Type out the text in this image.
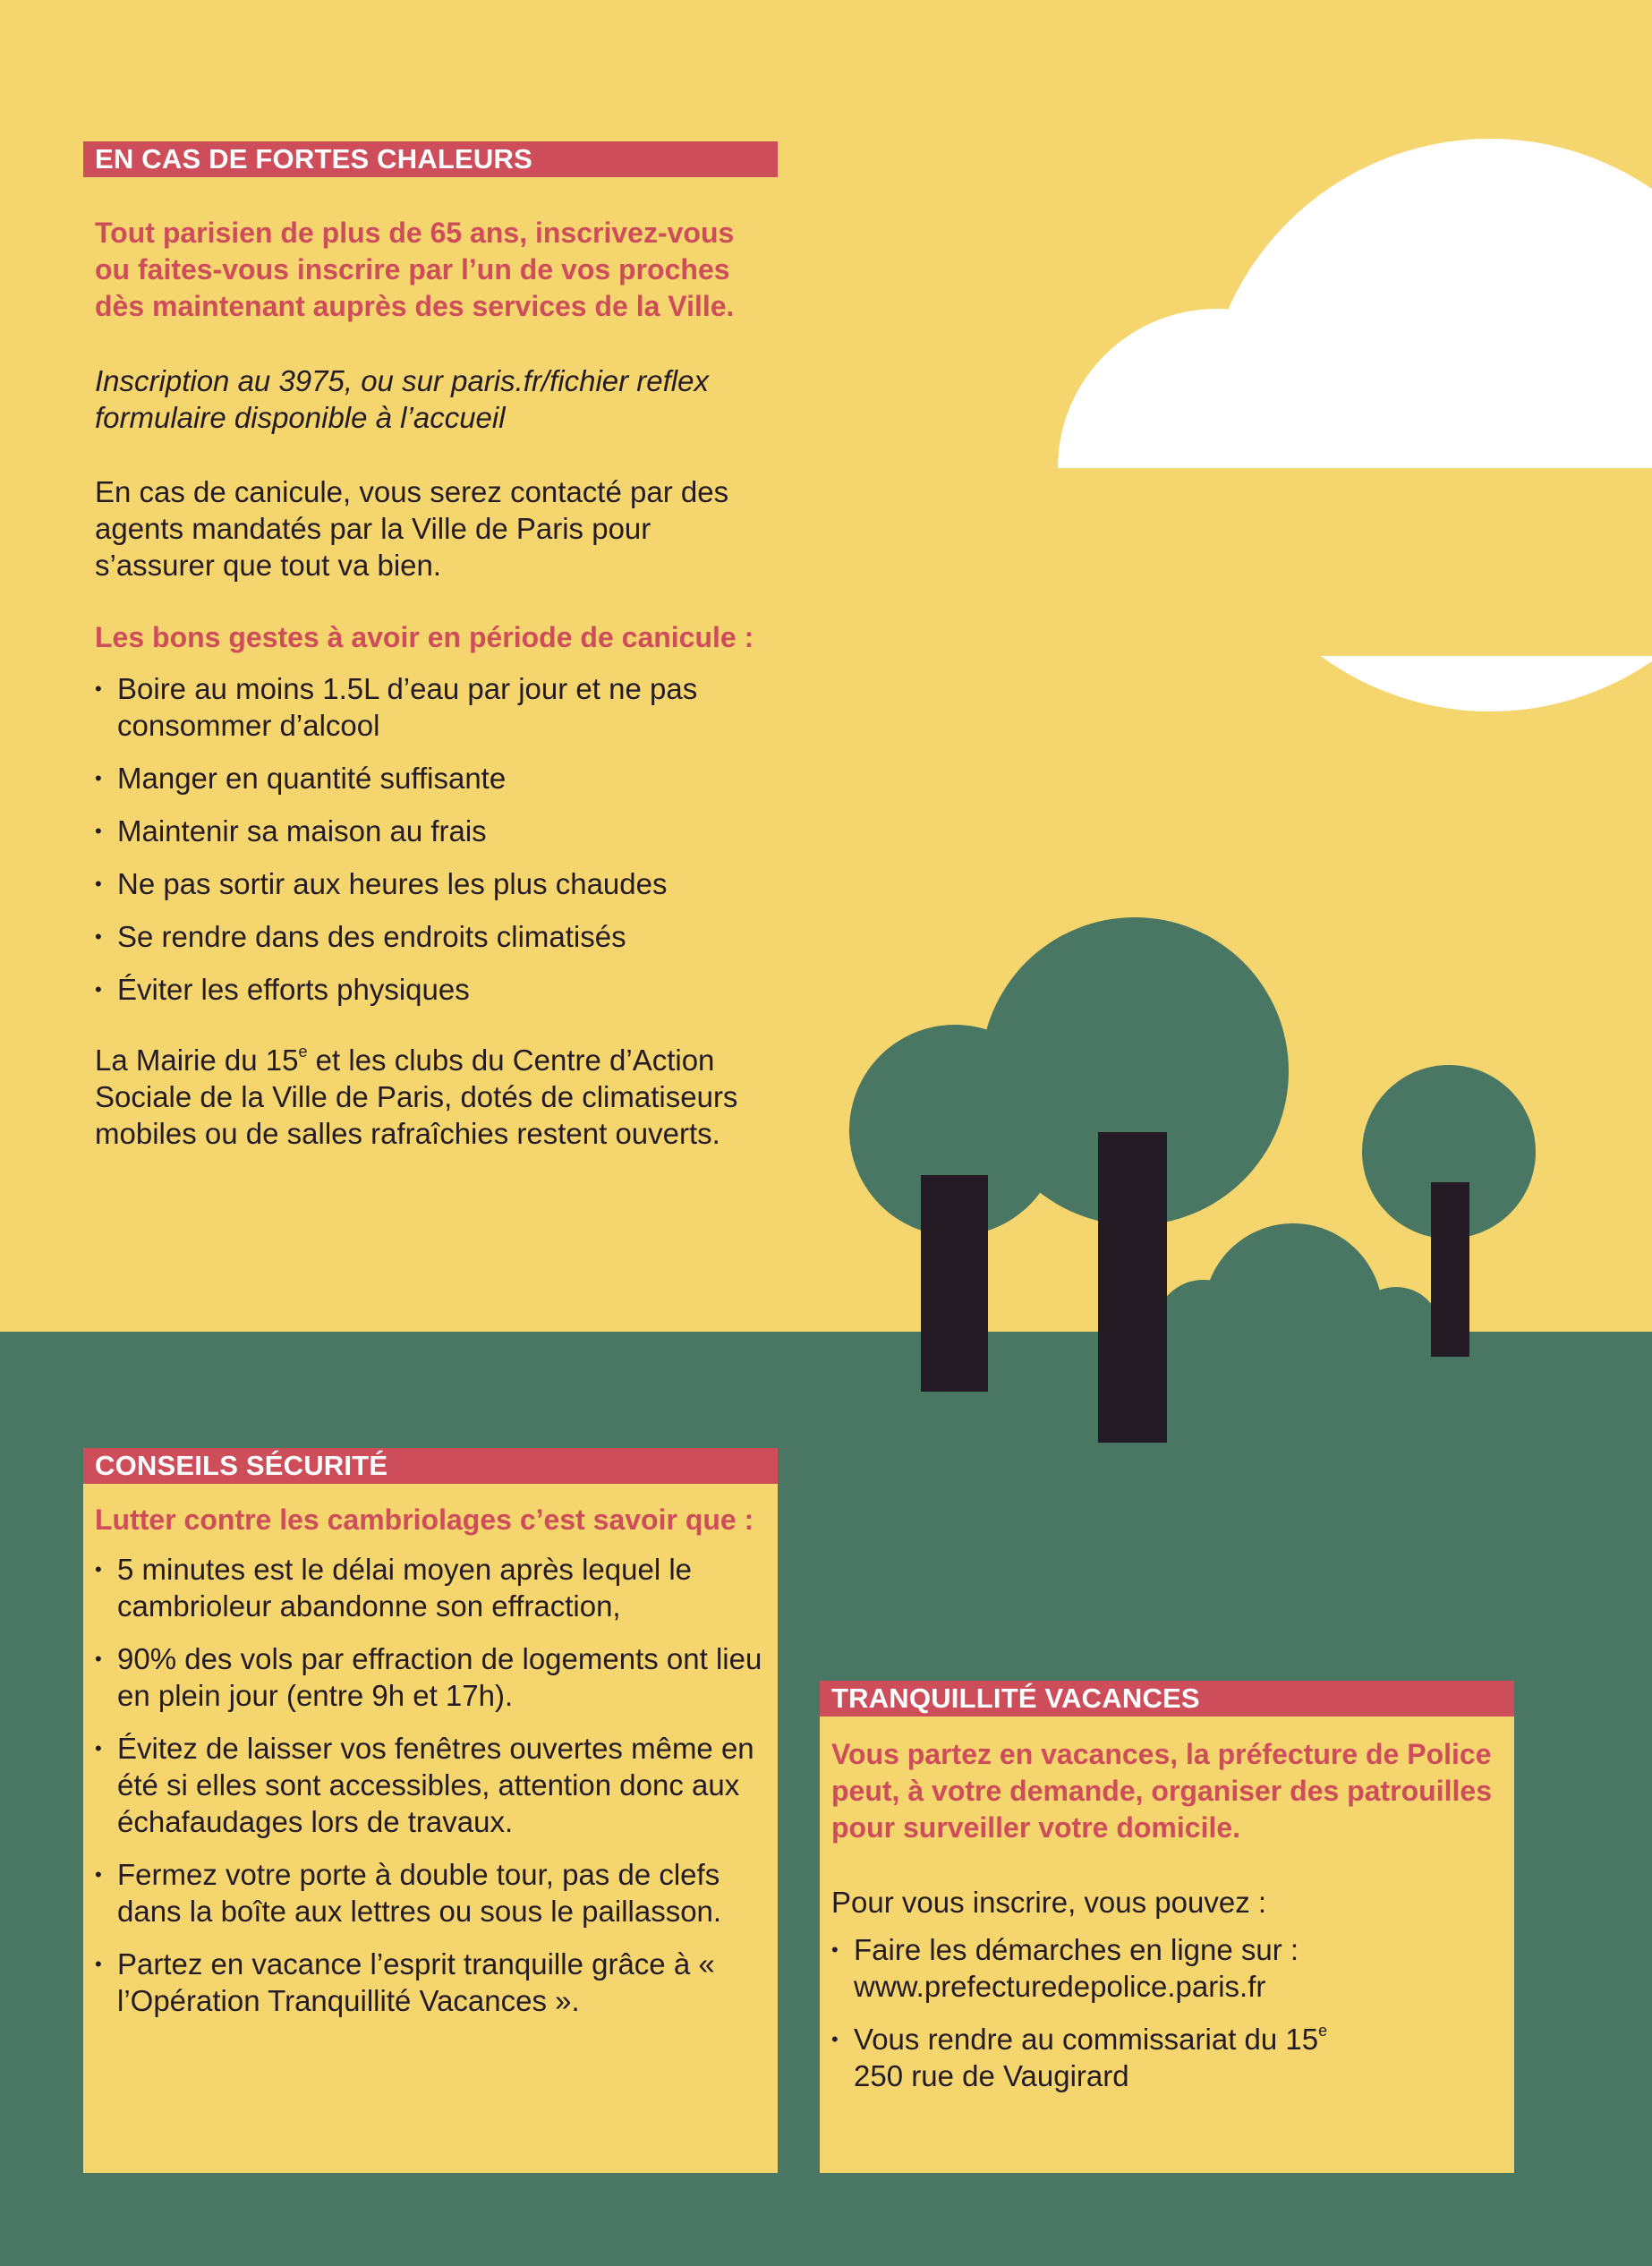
EN CAS DE FORTES CHALEURS

Tout parisien de plus de 65 ans, inscrivez-vous ou faites-vous inscrire par l’un de vos proches dès maintenant auprès des services de la Ville.

Inscription au 3975, ou sur paris.fr/fichier reflex

formulaire disponible à l’accueil

En cas de canicule, vous serez contacté par des agents mandatés par la Ville de Paris pour s’assurer que tout va bien.

Les bons gestes à avoir en période de canicule :

• Boire au moins 1.5L d’eau par jour et ne pas consommer d’alcool
• Manger en quantité suffisante
• Maintenir sa maison au frais
• Ne pas sortir aux heures les plus chaudes
• Se rendre dans des endroits climatisés
• Éviter les efforts physiques

La Mairie du 15e et les clubs du Centre d’Action Sociale de la Ville de Paris, dotés de climatiseurs mobiles ou de salles rafraîchies restent ouverts.

CONSEILS SÉCURITÉ

Lutter contre les cambriolages c’est savoir que :

• 5 minutes est le délai moyen après lequel le cambrioleur abandonne son effraction,
• 90% des vols par effraction de logements ont lieu en plein jour (entre 9h et 17h).
• Évitez de laisser vos fenêtres ouvertes même en été si elles sont accessibles, attention donc aux échafaudages lors de travaux.
• Fermez votre porte à double tour, pas de clefs dans la boîte aux lettres ou sous le paillasson.
• Partez en vacance l’esprit tranquille grâce à « l’Opération Tranquillité Vacances ».
TRANQUILLITÉ VACANCES

Vous partez en vacances, la préfecture de Police peut, à votre demande, organiser des patrouilles pour surveiller votre domicile.

Pour vous inscrire, vous pouvez :

• Faire les démarches en ligne sur :
www.prefecturedepolice.paris.fr
• Vous rendre au commissariat du 15e
250 rue de Vaugirard
